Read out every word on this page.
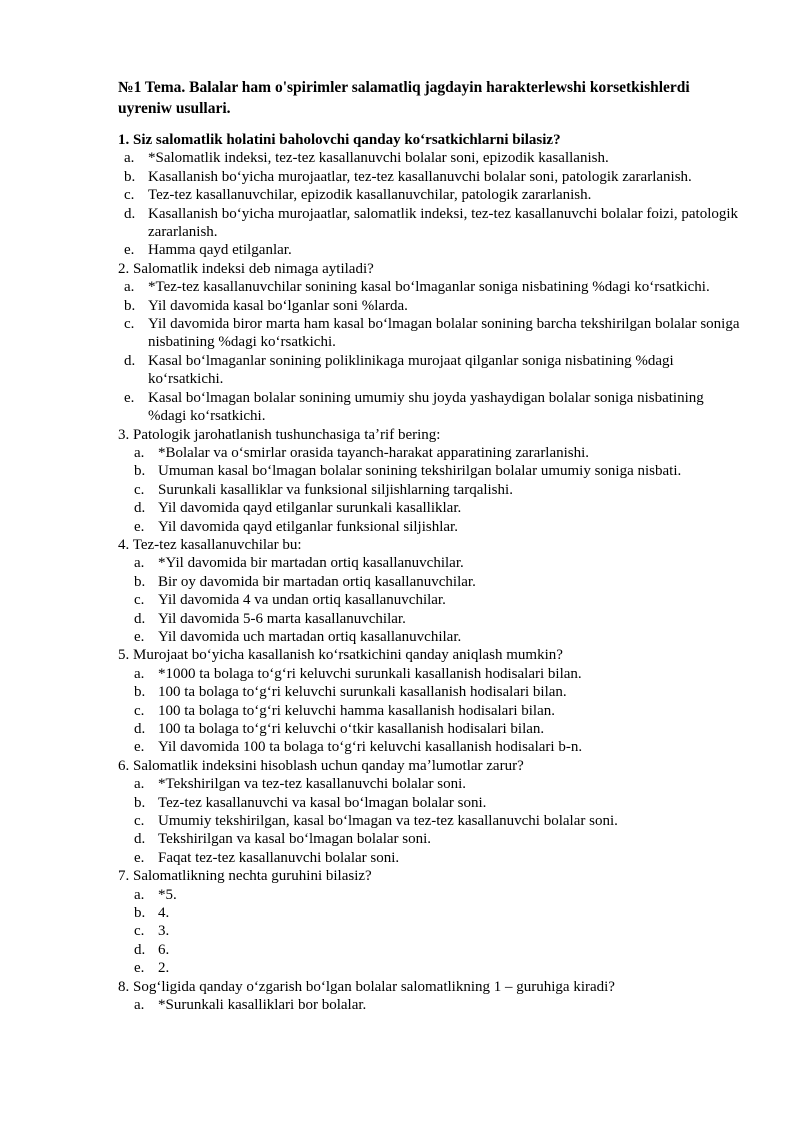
№1 Tema. Balalar ham o'spirimler salamatliq jagdayin harakterlewshi korsetkishlerdi uyreniw usullari.
1. Siz salomatlik holatini baholovchi qanday koʻrsatkichlarni bilasiz?
a. *Salomatlik indeksi, tez-tez kasallanuvchi bolalar soni, epizodik kasallanish.
b. Kasallanish boʻyicha murojaatlar, tez-tez kasallanuvchi bolalar soni, patologik zararlanish.
c. Tez-tez kasallanuvchilar, epizodik kasallanuvchilar, patologik zararlanish.
d. Kasallanish boʻyicha murojaatlar, salomatlik indeksi, tez-tez kasallanuvchi bolalar foizi, patologik zararlanish.
e. Hamma qayd etilganlar.
2. Salomatlik indeksi deb nimaga aytiladi?
a. *Tez-tez kasallanuvchilar sonining kasal boʻlmaganlar soniga nisbatining %dagi koʻrsatkichi.
b. Yil davomida kasal boʻlganlar soni %larda.
c. Yil davomida biror marta ham kasal boʻlmagan bolalar sonining barcha tekshirilgan bolalar soniga nisbatining %dagi koʻrsatkichi.
d. Kasal boʻlmaganlar sonining poliklinikaga murojaat qilganlar soniga nisbatining %dagi koʻrsatkichi.
e. Kasal boʻlmagan bolalar sonining umumiy shu joyda yashaydigan bolalar soniga nisbatining %dagi koʻrsatkichi.
3. Patologik jarohatlanish tushunchasiga taʼrif bering:
a. *Bolalar va oʻsmirlar orasida tayanch-harakat apparatining zararlanishi.
b. Umuman kasal boʻlmagan bolalar sonining tekshirilgan bolalar umumiy soniga nisbati.
c. Surunkali kasalliklar va funksional siljishlarning tarqalishi.
d. Yil davomida qayd etilganlar surunkali kasalliklar.
e. Yil davomida qayd etilganlar funksional siljishlar.
4. Tez-tez kasallanuvchilar bu:
a. *Yil davomida bir martadan ortiq kasallanuvchilar.
b. Bir oy davomida bir martadan ortiq kasallanuvchilar.
c. Yil davomida 4 va undan ortiq kasallanuvchilar.
d. Yil davomida 5-6 marta kasallanuvchilar.
e. Yil davomida uch martadan ortiq kasallanuvchilar.
5. Murojaat boʻyicha kasallanish koʻrsatkichini qanday aniqlash mumkin?
a. *1000 ta bolaga toʻgʻri keluvchi surunkali kasallanish hodisalari bilan.
b. 100 ta bolaga toʻgʻri keluvchi surunkali kasallanish hodisalari bilan.
c. 100 ta bolaga toʻgʻri keluvchi hamma kasallanish hodisalari bilan.
d. 100 ta bolaga toʻgʻri keluvchi oʻtkir kasallanish hodisalari bilan.
e. Yil davomida 100 ta bolaga toʻgʻri keluvchi kasallanish hodisalari b-n.
6. Salomatlik indeksini hisoblash uchun qanday maʼlumotlar zarur?
a. *Tekshirilgan va tez-tez kasallanuvchi bolalar soni.
b. Tez-tez kasallanuvchi va kasal boʻlmagan bolalar soni.
c. Umumiy tekshirilgan, kasal boʻlmagan va tez-tez kasallanuvchi bolalar soni.
d. Tekshirilgan va kasal boʻlmagan bolalar soni.
e. Faqat tez-tez kasallanuvchi bolalar soni.
7. Salomatlikning nechta guruhini bilasiz?
a. *5.
b. 4.
c. 3.
d. 6.
e. 2.
8. Sogʻligida qanday oʻzgarish boʻlgan bolalar salomatlikning 1 – guruhiga kiradi?
a. *Surunkali kasalliklari bor bolalar.
